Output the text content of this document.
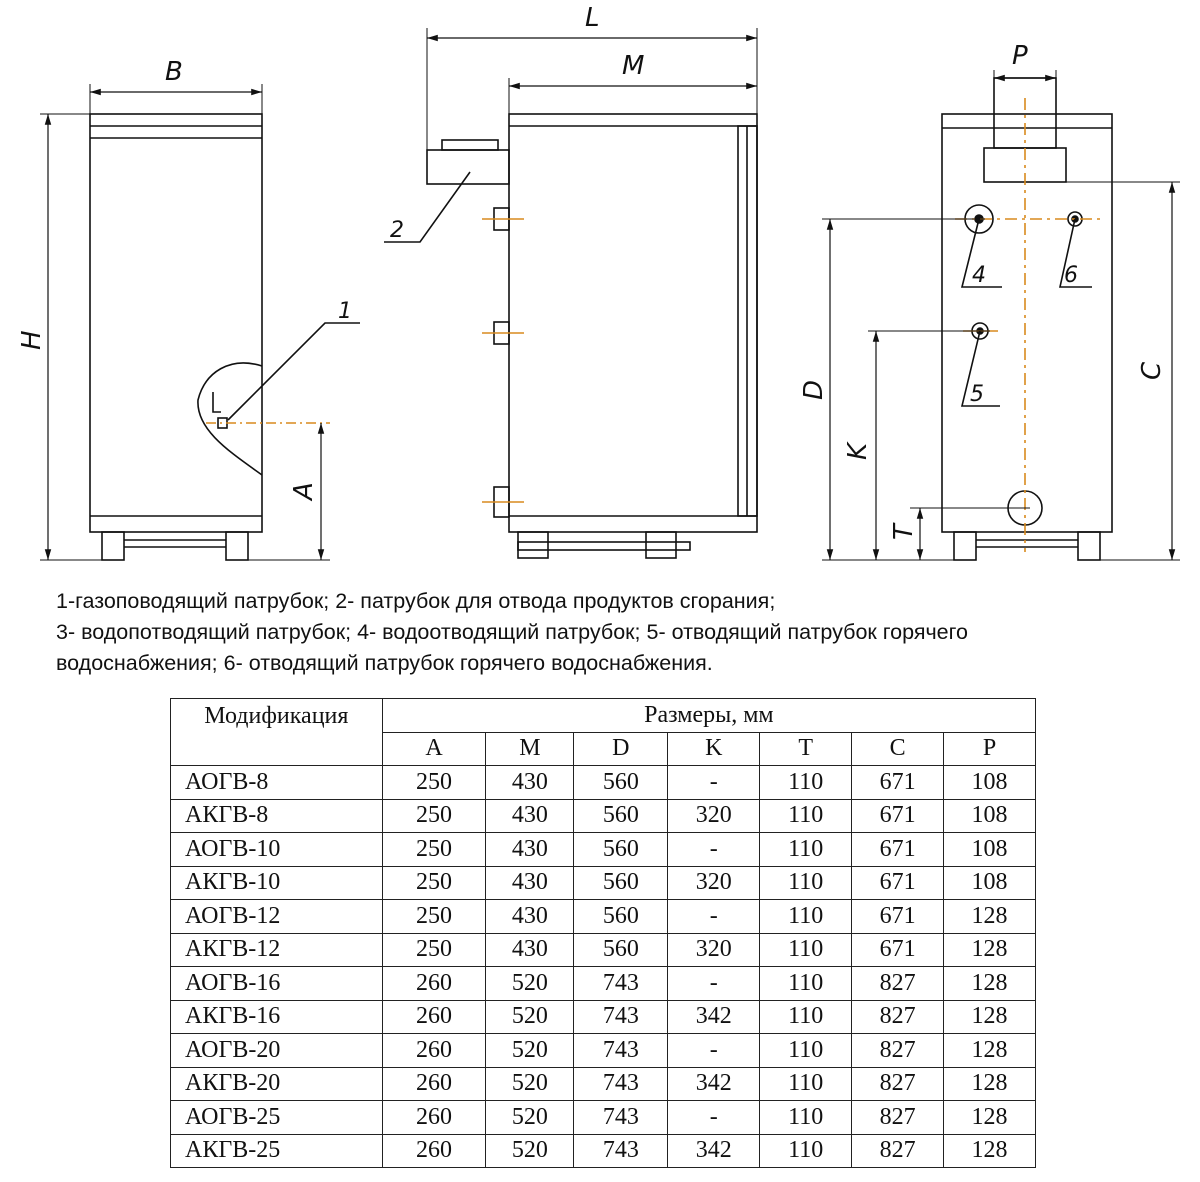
B
H
A
1
L
M
2
P
D
K
T
C
4	6
5
1-газоповодящий патрубок; 2- патрубок для отвода продуктов сгорания;
3- водопотводящий патрубок; 4- водоотводящий патрубок; 5- отводящий патрубок горячего
водоснабжения; 6- отводящий патрубок горячего водоснабжения.
Модификация	Размеры, мм						
	A	M	D	K	T	C	P
АОГВ-8	250	430	560	-	110	671	108
АКГВ-8	250	430	560	320	110	671	108
АОГВ-10	250	430	560	-	110	671	108
АКГВ-10	250	430	560	320	110	671	108
АОГВ-12	250	430	560	-	110	671	128
АКГВ-12	250	430	560	320	110	671	128
АОГВ-16	260	520	743	-	110	827	128
АКГВ-16	260	520	743	342	110	827	128
АОГВ-20	260	520	743	-	110	827	128
АКГВ-20	260	520	743	342	110	827	128
АОГВ-25	260	520	743	-	110	827	128
АКГВ-25	260	520	743	342	110	827	128
